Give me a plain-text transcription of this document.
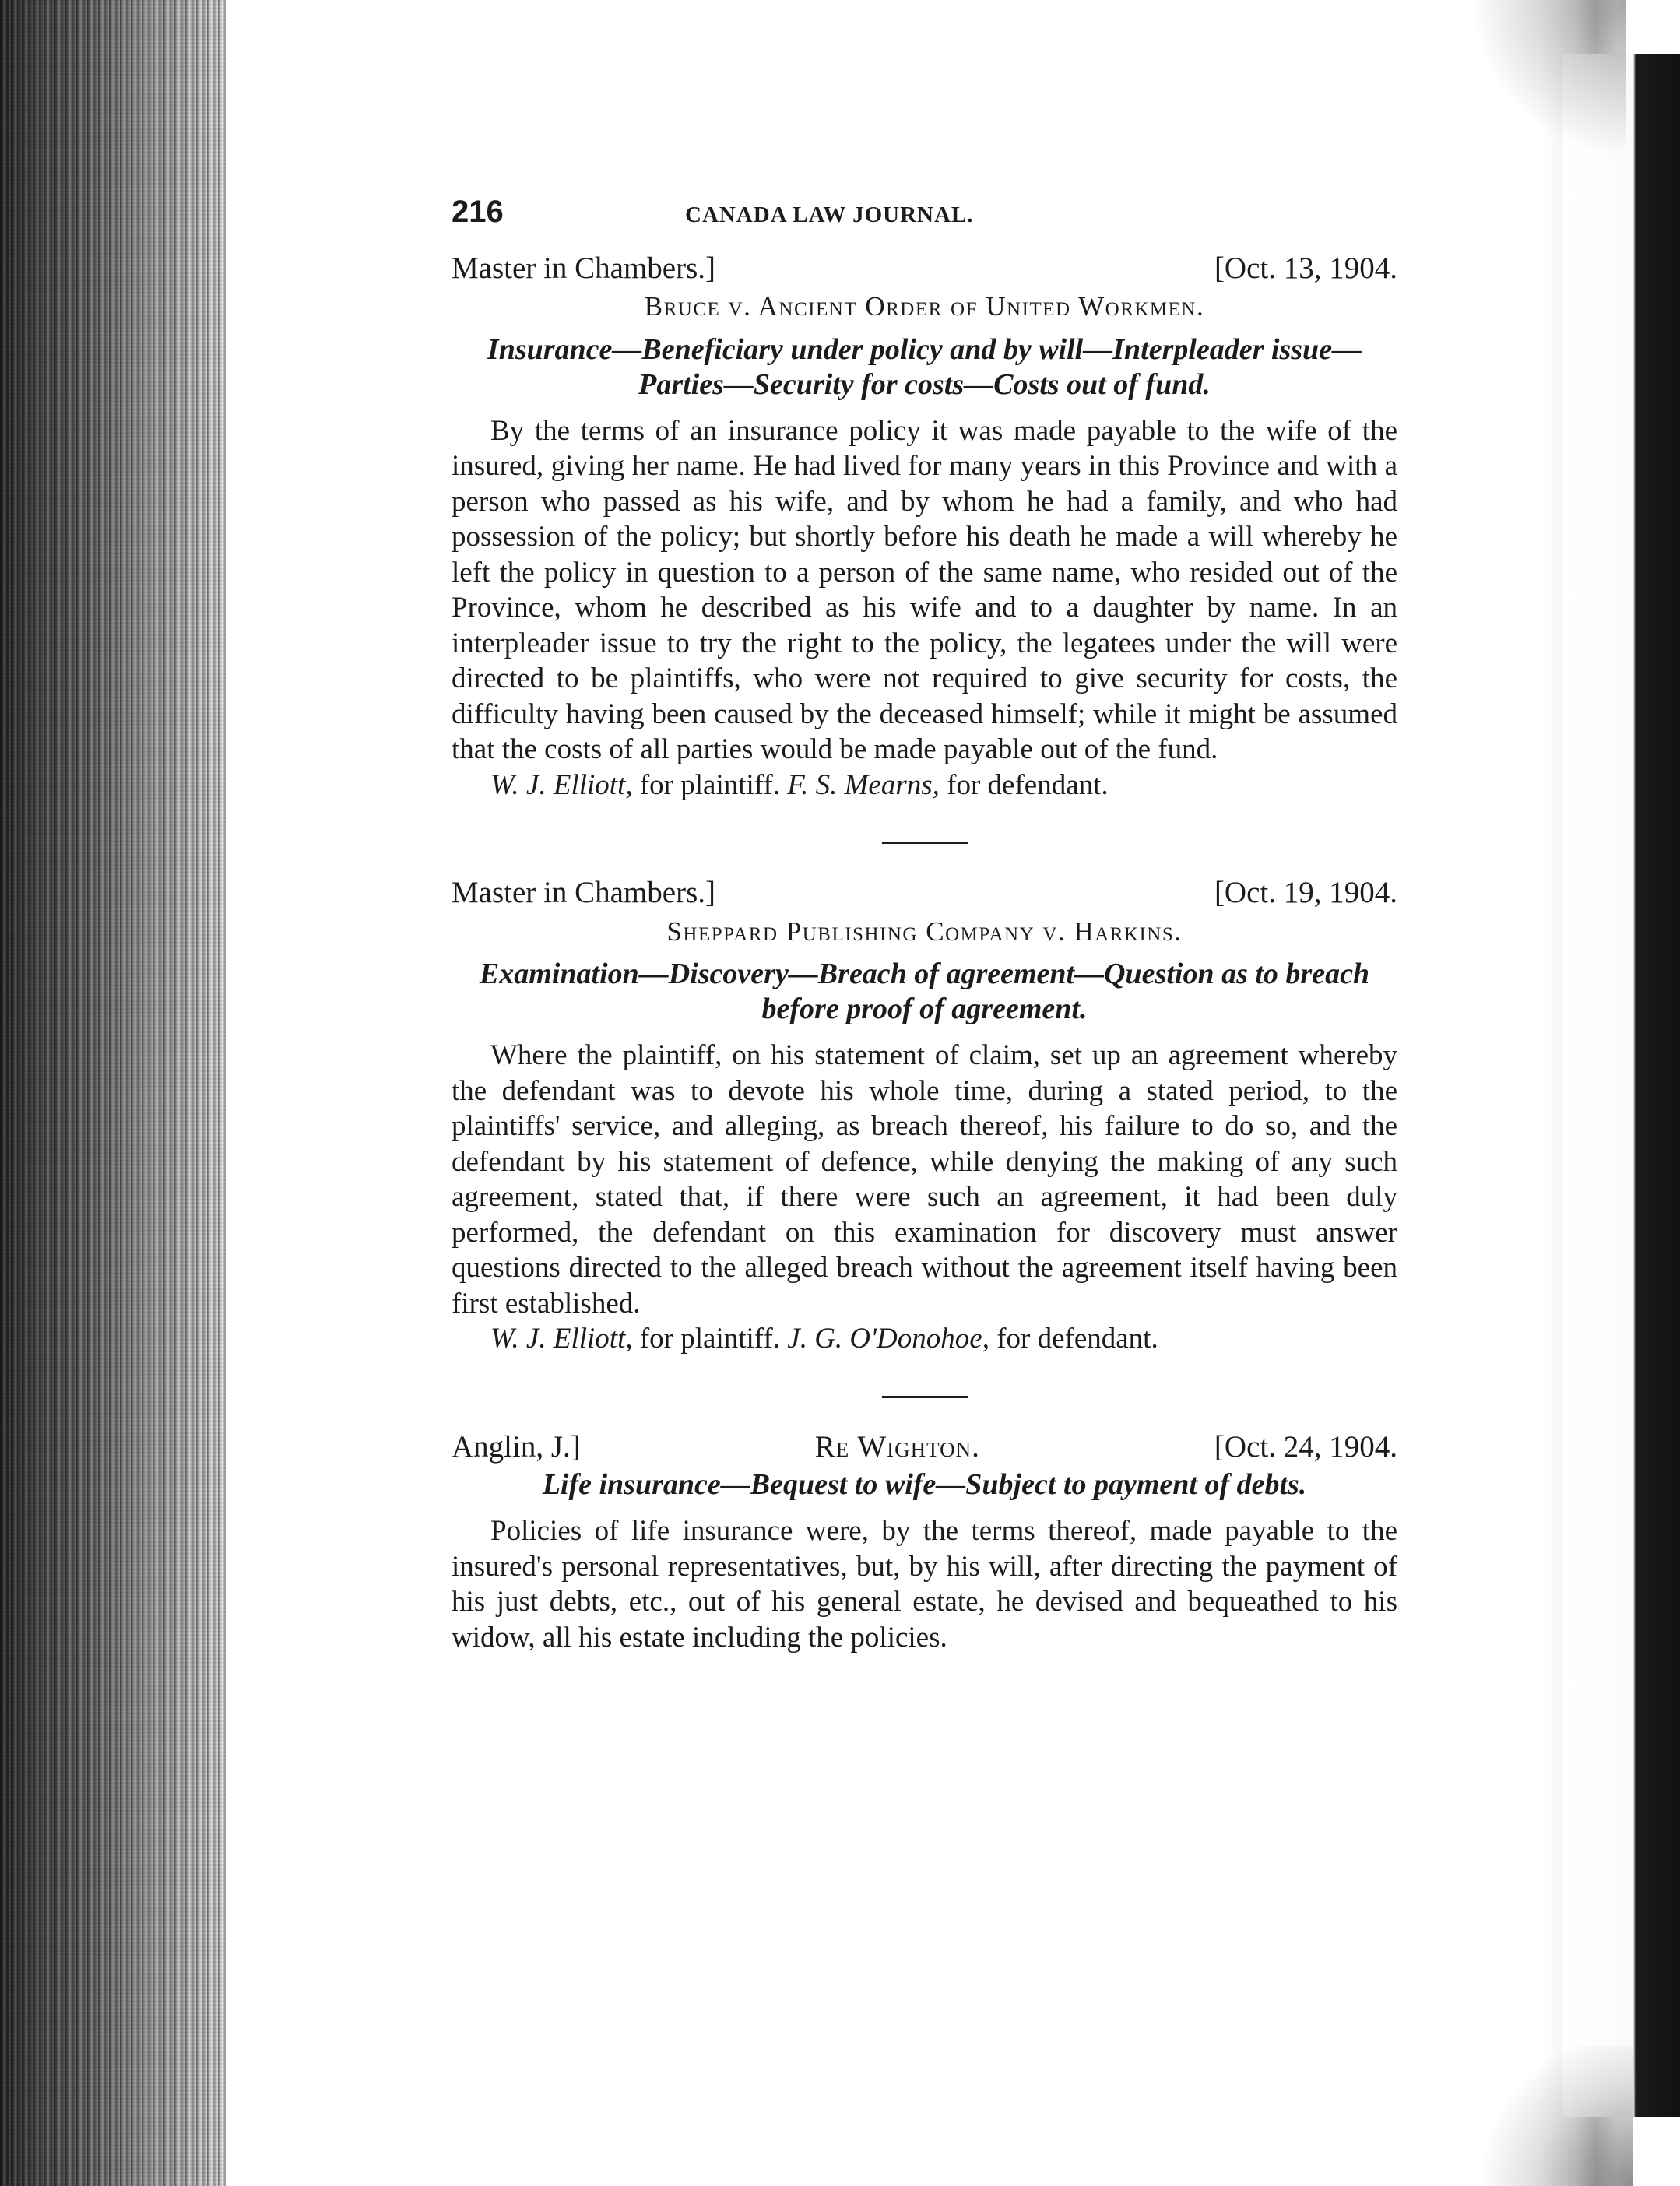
216	CANADA LAW JOURNAL.
Master in Chambers.]	[Oct. 13, 1904.
Bruce v. Ancient Order of United Workmen.

Insurance—Beneficiary under policy and by will—Interpleader issue—Parties—Security for costs—Costs out of fund.

By the terms of an insurance policy it was made payable to the wife of the insured, giving her name. He had lived for many years in this Province and with a person who passed as his wife, and by whom he had a family, and who had possession of the policy; but shortly before his death he made a will whereby he left the policy in question to a person of the same name, who resided out of the Province, whom he described as his wife and to a daughter by name. In an interpleader issue to try the right to the policy, the legatees under the will were directed to be plaintiffs, who were not required to give security for costs, the difficulty having been caused by the deceased himself; while it might be assumed that the costs of all parties would be made payable out of the fund.

W. J. Elliott, for plaintiff. F. S. Mearns, for defendant.

Master in Chambers.]	[Oct. 19, 1904.
Sheppard Publishing Company v. Harkins.

Examination—Discovery—Breach of agreement—Question as to breach before proof of agreement.

Where the plaintiff, on his statement of claim, set up an agreement whereby the defendant was to devote his whole time, during a stated period, to the plaintiffs' service, and alleging, as breach thereof, his failure to do so, and the defendant by his statement of defence, while denying the making of any such agreement, stated that, if there were such an agreement, it had been duly performed, the defendant on this examination for discovery must answer questions directed to the alleged breach without the agreement itself having been first established.

W. J. Elliott, for plaintiff. J. G. O'Donohoe, for defendant.

Anglin, J.]	Re Wighton.	[Oct. 24, 1904.

Life insurance—Bequest to wife—Subject to payment of debts.

Policies of life insurance were, by the terms thereof, made payable to the insured's personal representatives, but, by his will, after directing the payment of his just debts, etc., out of his general estate, he devised and bequeathed to his widow, all his estate including the policies.
